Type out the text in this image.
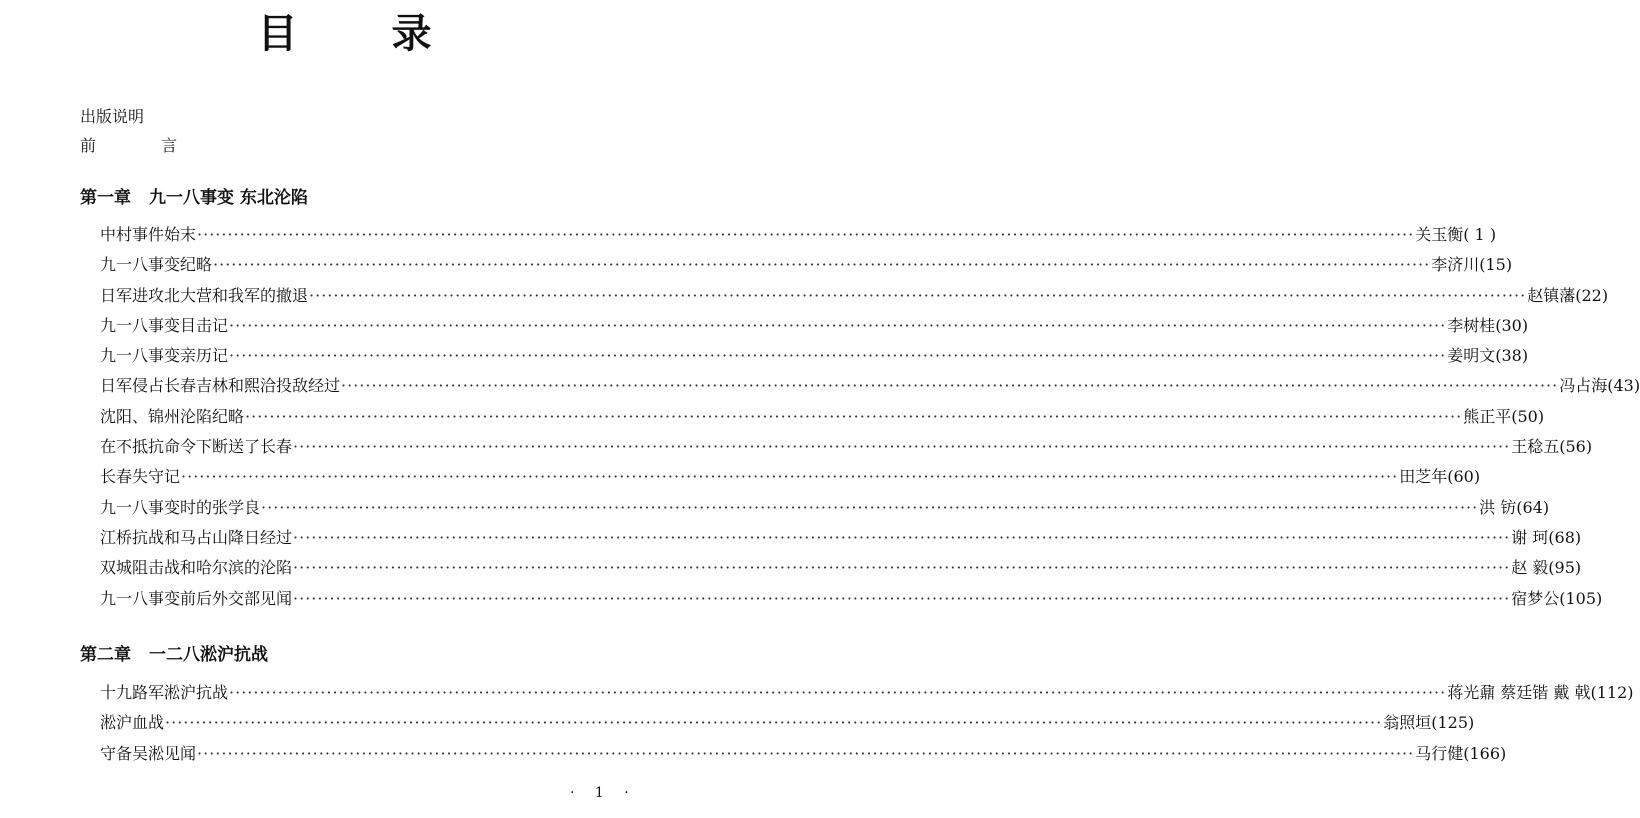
目 录
出版说明
前 言
第一章 九一八事变 东北沦陷
中村事件始末 ········································································································································································································ 关玉衡 ( 1 )
九一八事变纪略 ········································································································································································································ 李济川 (15)
日军进攻北大营和我军的撤退 ········································································································································································································ 赵镇藩 (22)
九一八事变目击记 ········································································································································································································ 李树桂 (30)
九一八事变亲历记 ········································································································································································································ 姜明文 (38)
日军侵占长春吉林和熙洽投敌经过 ········································································································································································································ 冯占海 (43)
沈阳、锦州沦陷纪略 ········································································································································································································ 熊正平 (50)
在不抵抗命令下断送了长春 ········································································································································································································ 王稔五 (56)
长春失守记 ········································································································································································································ 田芝年 (60)
九一八事变时的张学良 ········································································································································································································ 洪 钫 (64)
江桥抗战和马占山降日经过 ········································································································································································································ 谢 珂 (68)
双城阻击战和哈尔滨的沦陷 ········································································································································································································ 赵 毅 (95)
九一八事变前后外交部见闻 ········································································································································································································ 宿梦公 (105)
第二章 一二八淞沪抗战
十九路军淞沪抗战 ········································································································································································································ 蒋光鼐 蔡廷锴 戴 戟 (112)
淞沪血战 ········································································································································································································ 翁照垣 (125)
守备吴淞见闻 ········································································································································································································ 马行健 (166)
· 1 ·
